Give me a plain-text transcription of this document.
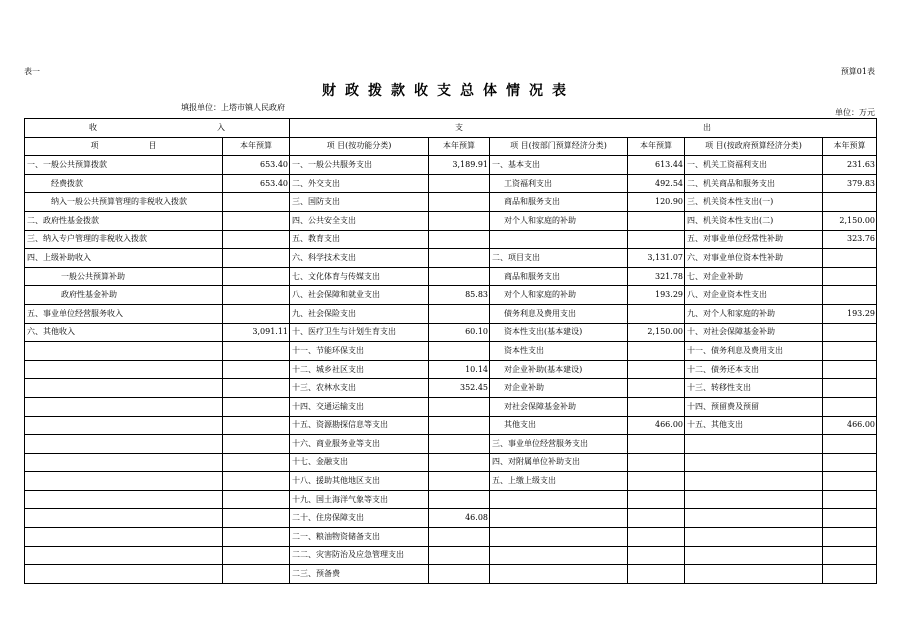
表一	预算01表
财政拨款收支总体情况表
填报单位：上塔市镇人民政府
单位：万元
收 入		支 出					
项 目	本年预算	项 目(按功能分类)	本年预算	项 目(按部门预算经济分类)	本年预算	项 目(按政府预算经济分类)	本年预算
一、一般公共预算拨款	653.40	一、一般公共服务支出	3,189.91	一、基本支出	613.44	一、机关工资福利支出	231.63
经费拨款	653.40	二、外交支出		工资福利支出	492.54	二、机关商品和服务支出	379.83
纳入一般公共预算管理的非税收入拨款		三、国防支出		商品和服务支出	120.90	三、机关资本性支出(一)	
二、政府性基金拨款		四、公共安全支出		对个人和家庭的补助		四、机关资本性支出(二)	2,150.00
三、纳入专户管理的非税收入拨款		五、教育支出				五、对事业单位经常性补助	323.76
四、上级补助收入		六、科学技术支出		二、项目支出	3,131.07	六、对事业单位资本性补助	
一般公共预算补助		七、文化体育与传媒支出		商品和服务支出	321.78	七、对企业补助	
政府性基金补助		八、社会保障和就业支出	85.83	对个人和家庭的补助	193.29	八、对企业资本性支出	
五、事业单位经营服务收入		九、社会保险支出		债务利息及费用支出		九、对个人和家庭的补助	193.29
六、其他收入	3,091.11	十、医疗卫生与计划生育支出	60.10	资本性支出(基本建设)	2,150.00	十、对社会保障基金补助	
		十一、节能环保支出		资本性支出		十一、债务利息及费用支出	
		十二、城乡社区支出	10.14	对企业补助(基本建设)		十二、债务还本支出	
		十三、农林水支出	352.45	对企业补助		十三、转移性支出	
		十四、交通运输支出		对社会保障基金补助		十四、预留费及预留	
		十五、资源勘探信息等支出		其他支出	466.00	十五、其他支出	466.00
		十六、商业服务业等支出		三、事业单位经营服务支出			
		十七、金融支出		四、对附属单位补助支出			
		十八、援助其他地区支出		五、上缴上级支出			
		十九、国土海洋气象等支出					
		二十、住房保障支出	46.08				
		二一、粮油物资储备支出					
		二二、灾害防治及应急管理支出					
		二三、预备费					
